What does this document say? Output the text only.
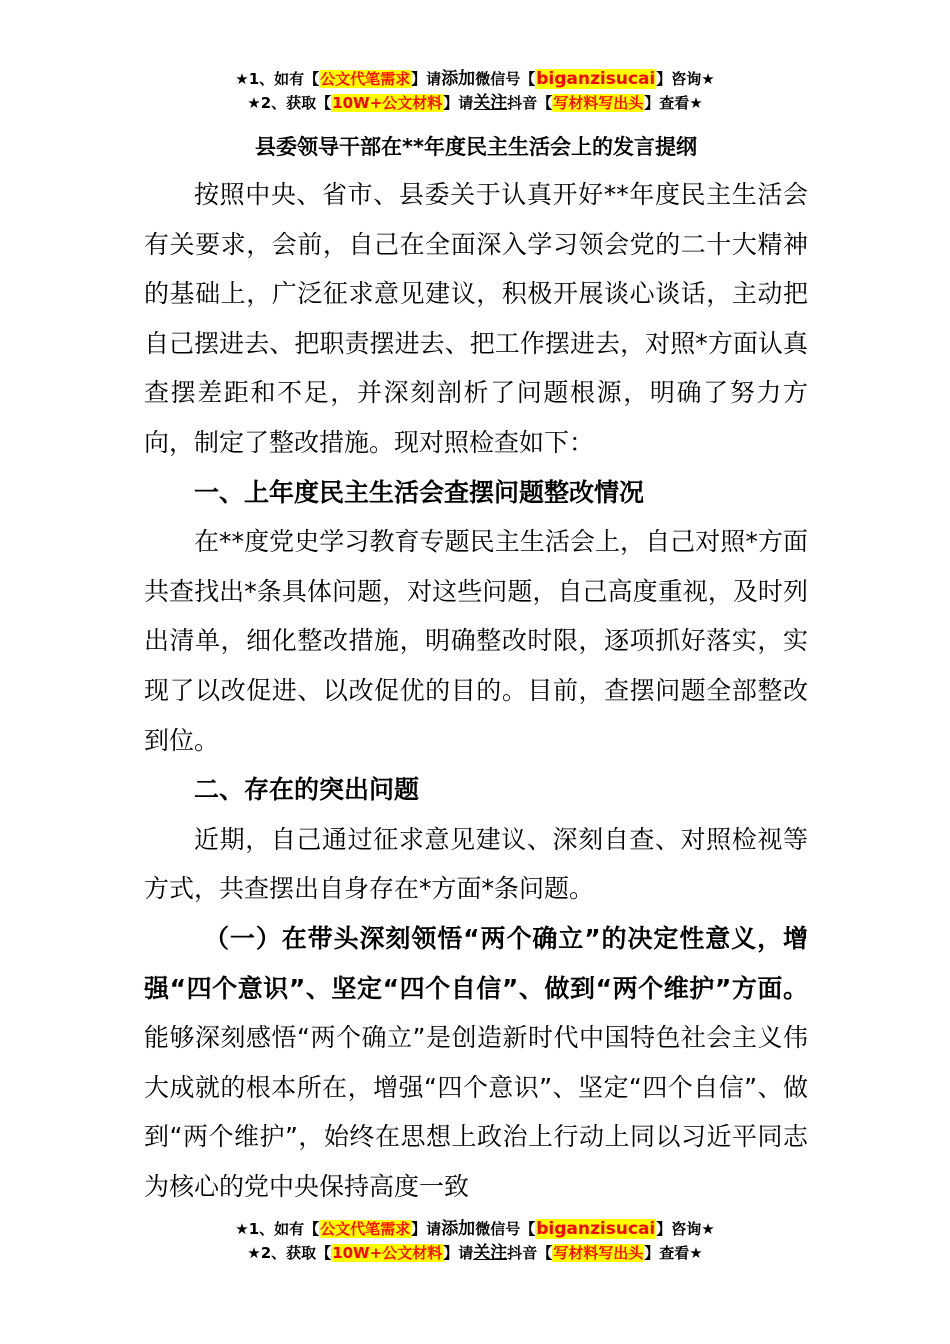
★1、如有【公文代笔需求】请添加微信号【biganzisucai】咨询★
★2、获取【10W+公文材料】请关注抖音【写材料写出头】查看★
县委领导干部在**年度民主生活会上的发言提纲

按照中央、省市、县委关于认真开好**年度民主生活会有关要求，会前，自己在全面深入学习领会党的二十大精神的基础上，广泛征求意见建议，积极开展谈心谈话，主动把自己摆进去、把职责摆进去、把工作摆进去，对照*方面认真查摆差距和不足，并深刻剖析了问题根源，明确了努力方向，制定了整改措施。现对照检查如下：

一、上年度民主生活会查摆问题整改情况

在**度党史学习教育专题民主生活会上，自己对照*方面共查找出*条具体问题，对这些问题，自己高度重视，及时列出清单，细化整改措施，明确整改时限，逐项抓好落实，实现了以改促进、以改促优的目的。目前，查摆问题全部整改到位。

二、存在的突出问题

近期，自己通过征求意见建议、深刻自查、对照检视等方式，共查摆出自身存在*方面*条问题。

（一）在带头深刻领悟“两个确立”的决定性意义，增强“四个意识”、坚定“四个自信”、做到“两个维护”方面。能够深刻感悟“两个确立”是创造新时代中国特色社会主义伟大成就的根本所在，增强“四个意识”、坚定“四个自信”、做到“两个维护”，始终在思想上政治上行动上同以习近平同志为核心的党中央保持高度一致

★1、如有【公文代笔需求】请添加微信号【biganzisucai】咨询★
★2、获取【10W+公文材料】请关注抖音【写材料写出头】查看★
